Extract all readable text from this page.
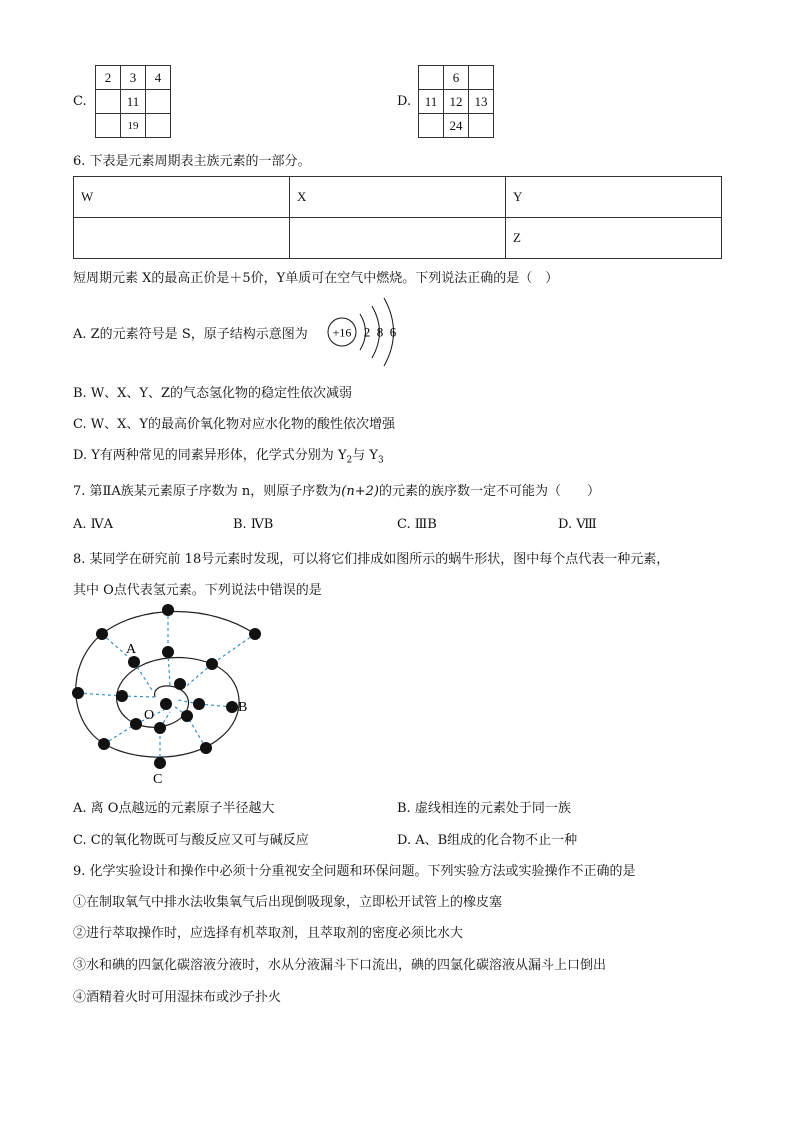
C.
2	3	4
	11	
	19	
D.
	6	
11	12	13
	24	
6. 下表是元素周期表主族元素的一部分。
W	X	Y
		Z
短周期元素 X的最高正价是＋5价，Y单质可在空气中燃烧。下列说法正确的是（　）
A. Z的元素符号是 S，原子结构示意图为 +16 2 8 6
B. W、X、Y、Z的气态氢化物的稳定性依次减弱
C. W、X、Y的最高价氧化物对应水化物的酸性依次增强
D. Y有两种常见的同素异形体，化学式分别为 $Y_2$与 $Y_3$
7. 第ⅡA族某元素原子序数为 n，则原子序数为(n+2)的元素的族序数一定不可能为（　　）
A. ⅣA	B. ⅣB	C. ⅢB	D. Ⅷ
8. 某同学在研究前 18号元素时发现，可以将它们排成如图所示的蜗牛形状，图中每个点代表一种元素，
其中 O点代表氢元素。下列说法中错误的是
A
B
C
O
A. 离 O点越远的元素原子半径越大	B. 虚线相连的元素处于同一族
C. C的氧化物既可与酸反应又可与碱反应	D. A、B组成的化合物不止一种
9. 化学实验设计和操作中必须十分重视安全问题和环保问题。下列实验方法或实验操作不正确的是
①在制取氧气中排水法收集氧气后出现倒吸现象，立即松开试管上的橡皮塞
②进行萃取操作时，应选择有机萃取剂，且萃取剂的密度必须比水大
③水和碘的四氯化碳溶液分液时，水从分液漏斗下口流出，碘的四氯化碳溶液从漏斗上口倒出
④酒精着火时可用湿抹布或沙子扑火
